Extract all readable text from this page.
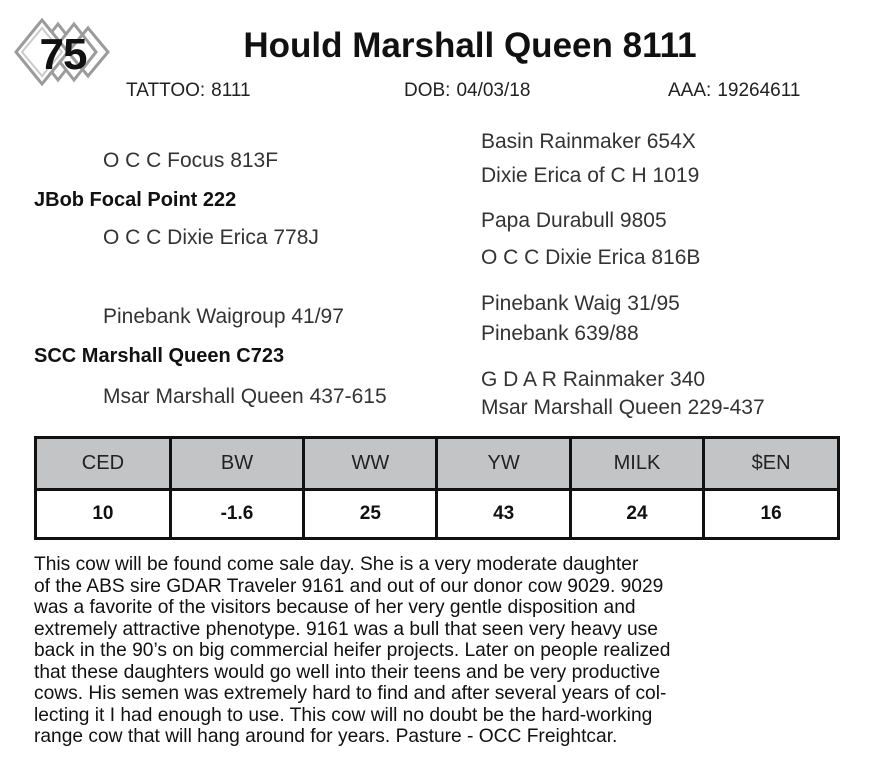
75	Hould Marshall Queen 8111
TATTOO: 8111	DOB: 04/03/18	AAA: 19264611
Basin Rainmaker 654X
O C C Focus 813F
Dixie Erica of C H 1019
JBob Focal Point 222
Papa Durabull 9805
O C C Dixie Erica 778J
O C C Dixie Erica 816B
Pinebank Waig 31/95
Pinebank Waigroup 41/97
Pinebank 639/88
SCC Marshall Queen C723
G D A R Rainmaker 340
Msar Marshall Queen 437-615	Msar Marshall Queen 229-437
CED	BW	WW	YW	MILK	$EN
10	-1.6	25	43	24	16
This cow will be found come sale day. She is a very moderate daughter
of the ABS sire GDAR Traveler 9161 and out of our donor cow 9029. 9029
was a favorite of the visitors because of her very gentle disposition and
extremely attractive phenotype. 9161 was a bull that seen very heavy use
back in the 90’s on big commercial heifer projects. Later on people realized
that these daughters would go well into their teens and be very productive
cows. His semen was extremely hard to find and after several years of col-
lecting it I had enough to use. This cow will no doubt be the hard-working
range cow that will hang around for years. Pasture - OCC Freightcar.
